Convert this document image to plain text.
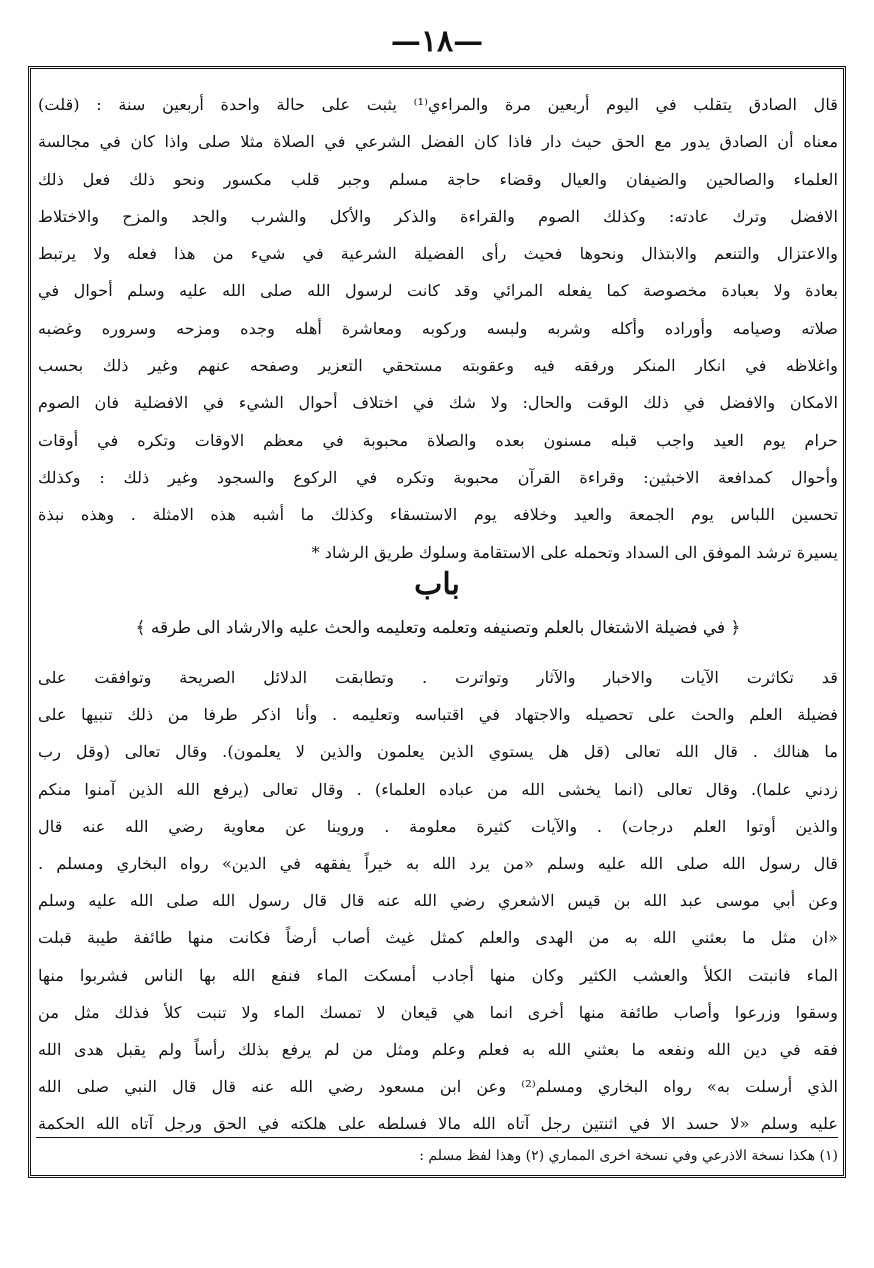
—١٨—
قال الصادق يتقلب في اليوم أربعين مرة والمراءي⁽¹⁾ يثبت على حالة واحدة أربعين سنة : (قلت)
معناه أن الصادق يدور مع الحق حيث دار فاذا كان الفضل الشرعي في الصلاة مثلا صلى واذا كان في مجالسة
العلماء والصالحين والضيفان والعيال وقضاء حاجة مسلم وجبر قلب مكسور ونحو ذلك فعل ذلك
الافضل وترك عادته: وكذلك الصوم والقراءة والذكر والأكل والشرب والجد والمزح والاختلاط
والاعتزال والتنعم والابتذال ونحوها فحيث رأى الفضيلة الشرعية في شيء من هذا فعله ولا يرتبط
بعادة ولا بعبادة مخصوصة كما يفعله المرائي وقد كانت لرسول الله صلى الله عليه وسلم أحوال في
صلاته وصيامه وأوراده وأكله وشربه ولبسه وركوبه ومعاشرة أهله وجده ومزحه وسروره وغضبه
واغلاظه في انكار المنكر ورفقه فيه وعقوبته مستحقي التعزير وصفحه عنهم وغير ذلك بحسب
الامكان والافضل في ذلك الوقت والحال: ولا شك في اختلاف أحوال الشيء في الافضلية فان الصوم
حرام يوم العيد واجب قبله مسنون بعده والصلاة محبوبة في معظم الاوقات وتكره في أوقات
وأحوال كمدافعة الاخبثين: وقراءة القرآن محبوبة وتكره في الركوع والسجود وغير ذلك : وكذلك
تحسين اللباس يوم الجمعة والعيد وخلافه يوم الاستسقاء وكذلك ما أشبه هذه الامثلة . وهذه نبذة
يسيرة ترشد الموفق الى السداد وتحمله على الاستقامة وسلوك طريق الرشاد *
باب
﴿ في فضيلة الاشتغال بالعلم وتصنيفه وتعلمه وتعليمه والحث عليه والارشاد الى طرقه ﴾
قد تكاثرت الآيات والاخبار والآثار وتواترت . وتطابقت الدلائل الصريحة وتوافقت على
فضيلة العلم والحث على تحصيله والاجتهاد في اقتباسه وتعليمه . وأنا اذكر طرفا من ذلك تنبيها على
ما هنالك . قال الله تعالى (قل هل يستوي الذين يعلمون والذين لا يعلمون). وقال تعالى (وقل رب
زدني علما). وقال تعالى (انما يخشى الله من عباده العلماء) . وقال تعالى (يرفع الله الذين آمنوا منكم
والذين أوتوا العلم درجات) . والآيات كثيرة معلومة . وروينا عن معاوية رضي الله عنه قال
قال رسول الله صلى الله عليه وسلم «من يرد الله به خيراً يفقهه في الدين» رواه البخاري ومسلم .
وعن أبي موسى عبد الله بن قيس الاشعري رضي الله عنه قال قال رسول الله صلى الله عليه وسلم
«ان مثل ما بعثني الله به من الهدى والعلم كمثل غيث أصاب أرضاً فكانت منها طائفة طيبة قبلت
الماء فانبتت الكلأ والعشب الكثير وكان منها أجادب أمسكت الماء فنفع الله بها الناس فشربوا منها
وسقوا وزرعوا وأصاب طائفة منها أخرى انما هي قيعان لا تمسك الماء ولا تنبت كلأ فذلك مثل من
فقه في دين الله ونفعه ما بعثني الله به فعلم وعلم ومثل من لم يرفع بذلك رأساً ولم يقبل هدى الله
الذي أرسلت به» رواه البخاري ومسلم⁽²⁾ وعن ابن مسعود رضي الله عنه قال قال النبي صلى الله
عليه وسلم «لا حسد الا في اثنتين رجل آتاه الله مالا فسلطه على هلكته في الحق ورجل آتاه الله الحكمة
(١) هكذا نسخة الاذرعي وفي نسخة اخرى المماري (٢) وهذا لفظ مسلم :
